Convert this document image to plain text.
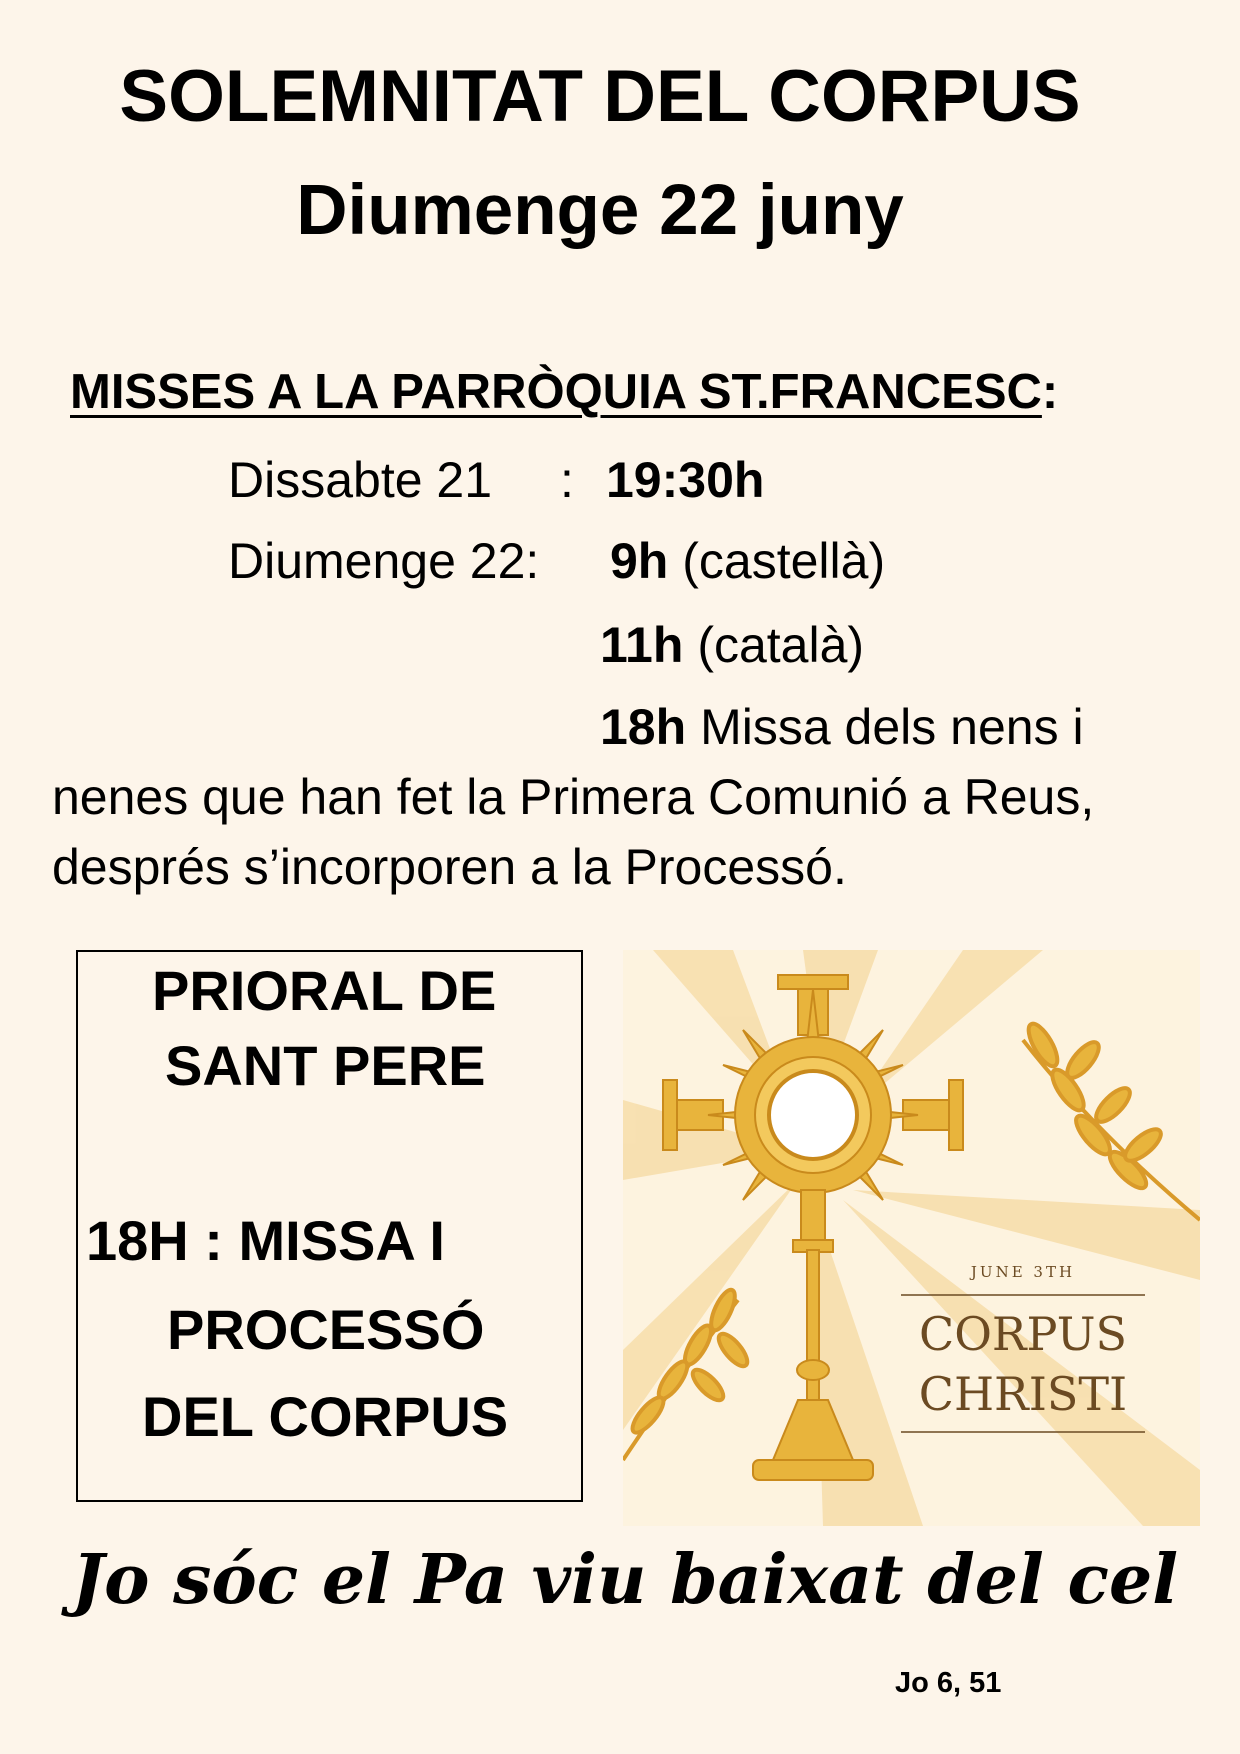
SOLEMNITAT DEL CORPUS
Diumenge 22 juny
MISSES A LA PARRÒQUIA ST.FRANCESC:
Dissabte 21 : 19:30h
Diumenge 22: 9h (castellà)
11h (català)
18h Missa dels nens i
nenes que han fet la Primera Comunió a Reus,
després s’incorporen a la Processó.
PRIORAL DE
SANT PERE
18H : MISSA I
PROCESSÓ
DEL CORPUS
JUNE 3TH
CORPUS
CHRISTI
Jo sóc el Pa viu baixat del cel
Jo 6, 51
